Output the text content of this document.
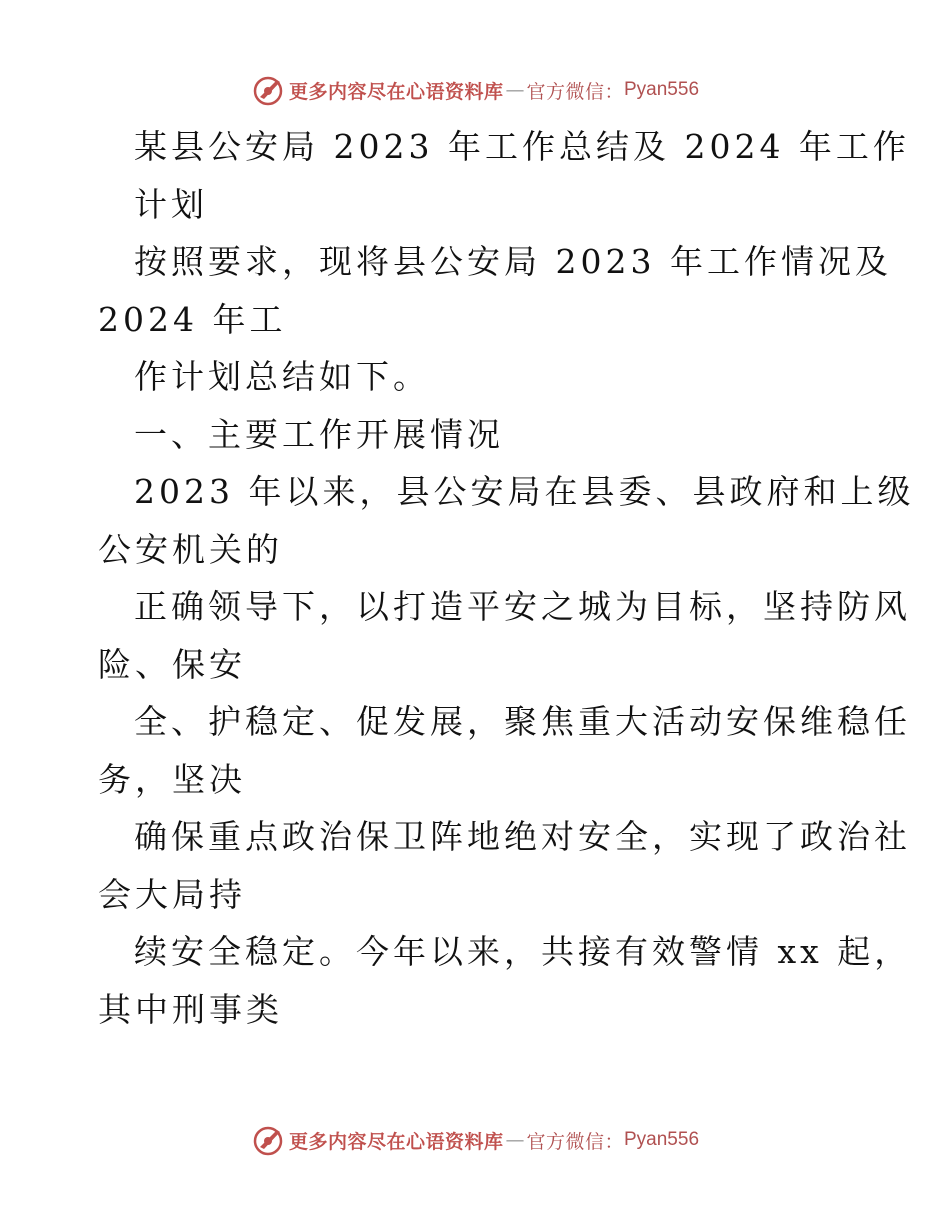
更多内容尽在心语资料库 — 官方微信： Pyan556
某县公安局 2023 年工作总结及 2024 年工作
计划
按照要求，现将县公安局 2023 年工作情况及
2024 年工
作计划总结如下。
一、主要工作开展情况
2023 年以来，县公安局在县委、县政府和上级
公安机关的
正确领导下，以打造平安之城为目标，坚持防风
险、保安
全、护稳定、促发展，聚焦重大活动安保维稳任
务，坚决
确保重点政治保卫阵地绝对安全，实现了政治社
会大局持
续安全稳定。今年以来，共接有效警情 xx 起，
其中刑事类
更多内容尽在心语资料库 — 官方微信： Pyan556
